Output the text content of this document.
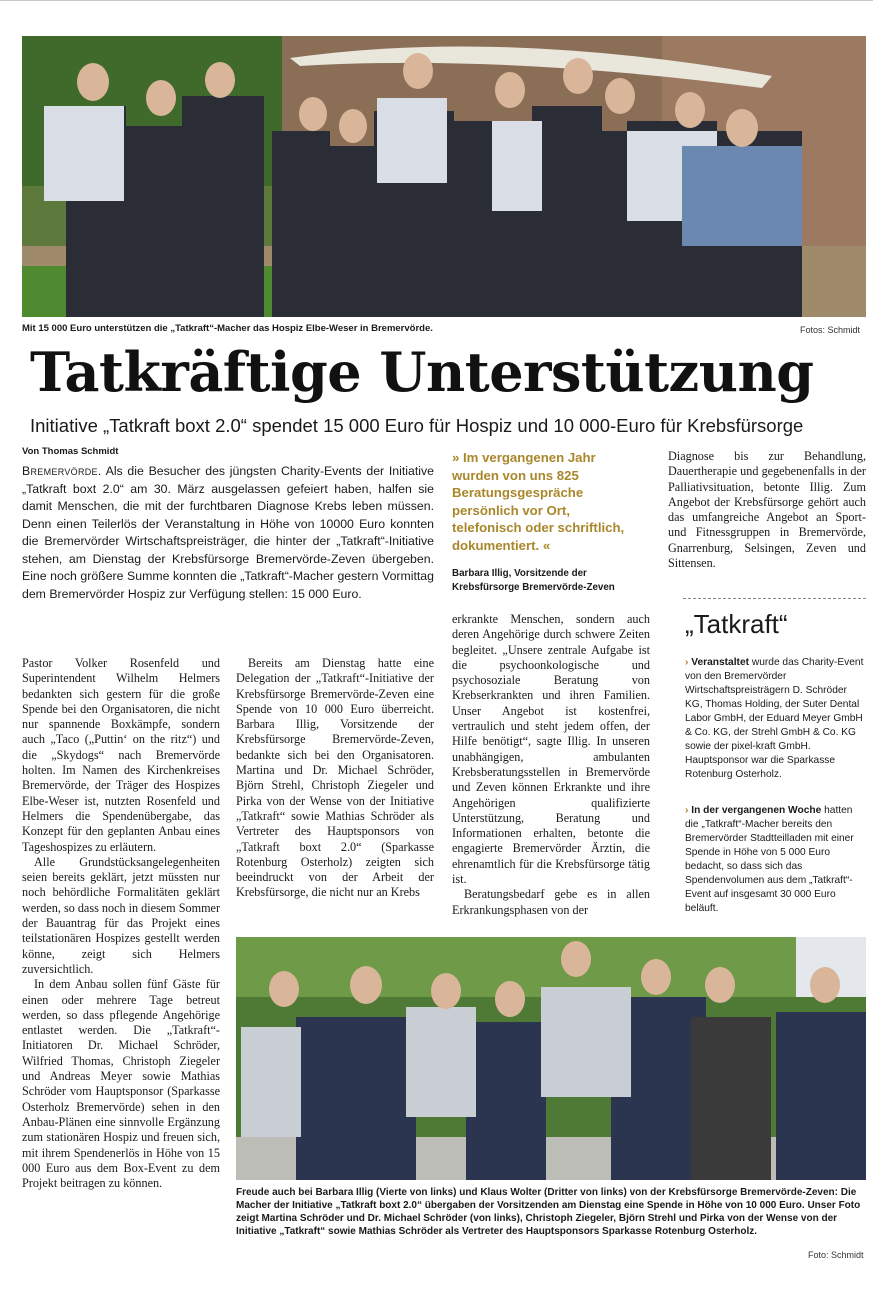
Mit 15 000 Euro unterstützen die „Tatkraft“-Macher das Hospiz Elbe-Weser in Bremervörde.	Fotos: Schmidt
Tatkräftige Unterstützung
Initiative „Tatkraft boxt 2.0“ spendet 15 000 Euro für Hospiz und 10 000-Euro für Krebsfürsorge
Von Thomas Schmidt
Bremervörde. Als die Besucher des jüngsten Charity-Events der Initiative „Tatkraft boxt 2.0“ am 30. März ausgelassen gefeiert haben, halfen sie damit Menschen, die mit der furchtbaren Diagnose Krebs leben müssen. Denn einen Teilerlös der Veranstaltung in Höhe von 10000 Euro konnten die Bremervörder Wirtschaftspreisträger, die hinter der „Tatkraft“-Initiative stehen, am Dienstag der Krebsfürsorge Bremervörde-Zeven übergeben. Eine noch größere Summe konnten die „Tatkraft“-Macher gestern Vormittag dem Bremervörder Hospiz zur Verfügung stellen: 15 000 Euro.

Pastor Volker Rosenfeld und Superintendent Wilhelm Helmers bedankten sich gestern für die große Spende bei den Organisatoren, die nicht nur spannende Boxkämpfe, sondern auch „Taco („Puttin‘ on the ritz“) und die „Skydogs“ nach Bremervörde holten. Im Namen des Kirchenkreises Bremervörde, der Träger des Hospizes Elbe-Weser ist, nutzten Rosenfeld und Helmers die Spendenübergabe, das Konzept für den geplanten Anbau eines Tageshospizes zu erläutern.

Alle Grundstücksangelegenheiten seien bereits geklärt, jetzt müssten nur noch behördliche Formalitäten geklärt werden, so dass noch in diesem Sommer der Bauantrag für das Projekt eines teilstationären Hospizes gestellt werden könne, zeigt sich Helmers zuversichtlich.

In dem Anbau sollen fünf Gäste für einen oder mehrere Tage betreut werden, so dass pflegende Angehörige entlastet werden. Die „Tatkraft“-Initiatoren Dr. Michael Schröder, Wilfried Thomas, Christoph Ziegeler und Andreas Meyer sowie Mathias Schröder vom Hauptsponsor (Sparkasse Osterholz Bremervörde) sehen in den Anbau-Plänen eine sinnvolle Ergänzung zum stationären Hospiz und freuen sich, mit ihrem Spendenerlös in Höhe von 15 000 Euro aus dem Box-Event zu dem Projekt beitragen zu können.

Bereits am Dienstag hatte eine Delegation der „Tatkraft“-Initiative der Krebsfürsorge Bremervörde-Zeven eine Spende von 10 000 Euro überreicht. Barbara Illig, Vorsitzende der Krebsfürsorge Bremervörde-Zeven, bedankte sich bei den Organisatoren. Martina und Dr. Michael Schröder, Björn Strehl, Christoph Ziegeler und Pirka von der Wense von der Initiative „Tatkraft“ sowie Mathias Schröder als Vertreter des Hauptsponsors von „Tatkraft boxt 2.0“ (Sparkasse Rotenburg Osterholz) zeigten sich beeindruckt von der Arbeit der Krebsfürsorge, die nicht nur an Krebs

» Im vergangenen Jahr wurden von uns 825 Beratungsgespräche persönlich vor Ort, telefonisch oder schriftlich, dokumentiert. «
Barbara Illig, Vorsitzende der Krebsfürsorge Bremervörde-Zeven

erkrankte Menschen, sondern auch deren Angehörige durch schwere Zeiten begleitet. „Unsere zentrale Aufgabe ist die psychoonkologische und psychosoziale Beratung von Krebserkrankten und ihren Familien. Unser Angebot ist kostenfrei, vertraulich und steht jedem offen, der Hilfe benötigt“, sagte Illig. In unseren unabhängigen, ambulanten Krebsberatungsstellen in Bremervörde und Zeven können Erkrankte und ihre Angehörigen qualifizierte Unterstützung, Beratung und Informationen erhalten, betonte die engagierte Bremervörder Ärztin, die ehrenamtlich für die Krebsfürsorge tätig ist.

Beratungsbedarf gebe es in allen Erkrankungsphasen von der

Diagnose bis zur Behandlung, Dauertherapie und gegebenenfalls in der Palliativsituation, betonte Illig. Zum Angebot der Krebsfürsorge gehört auch das umfangreiche Angebot an Sport- und Fitnessgruppen in Bremervörde, Gnarrenburg, Selsingen, Zeven und Sittensen.

„Tatkraft“
› Veranstaltet wurde das Charity-Event von den Bremervörder Wirtschaftspreisträgern D. Schröder KG, Thomas Holding, der Suter Dental Labor GmbH, der Eduard Meyer GmbH & Co. KG, der Strehl GmbH & Co. KG sowie der pixel-kraft GmbH. Hauptsponsor war die Sparkasse Rotenburg Osterholz.
› In der vergangenen Woche hatten die „Tatkraft“-Macher bereits den Bremervörder Stadtteilladen mit einer Spende in Höhe von 5 000 Euro bedacht, so dass sich das Spendenvolumen aus dem „Tatkraft“-Event auf insgesamt 30 000 Euro beläuft.
Freude auch bei Barbara Illig (Vierte von links) und Klaus Wolter (Dritter von links) von der Krebsfürsorge Bremervörde-Zeven: Die Macher der Initiative „Tatkraft boxt 2.0“ übergaben der Vorsitzenden am Dienstag eine Spende in Höhe von 10 000 Euro. Unser Foto zeigt Martina Schröder und Dr. Michael Schröder (von links), Christoph Ziegeler, Björn Strehl und Pirka von der Wense von der Initiative „Tatkraft“ sowie Mathias Schröder als Vertreter des Hauptsponsors Sparkasse Rotenburg Osterholz.
Foto: Schmidt
